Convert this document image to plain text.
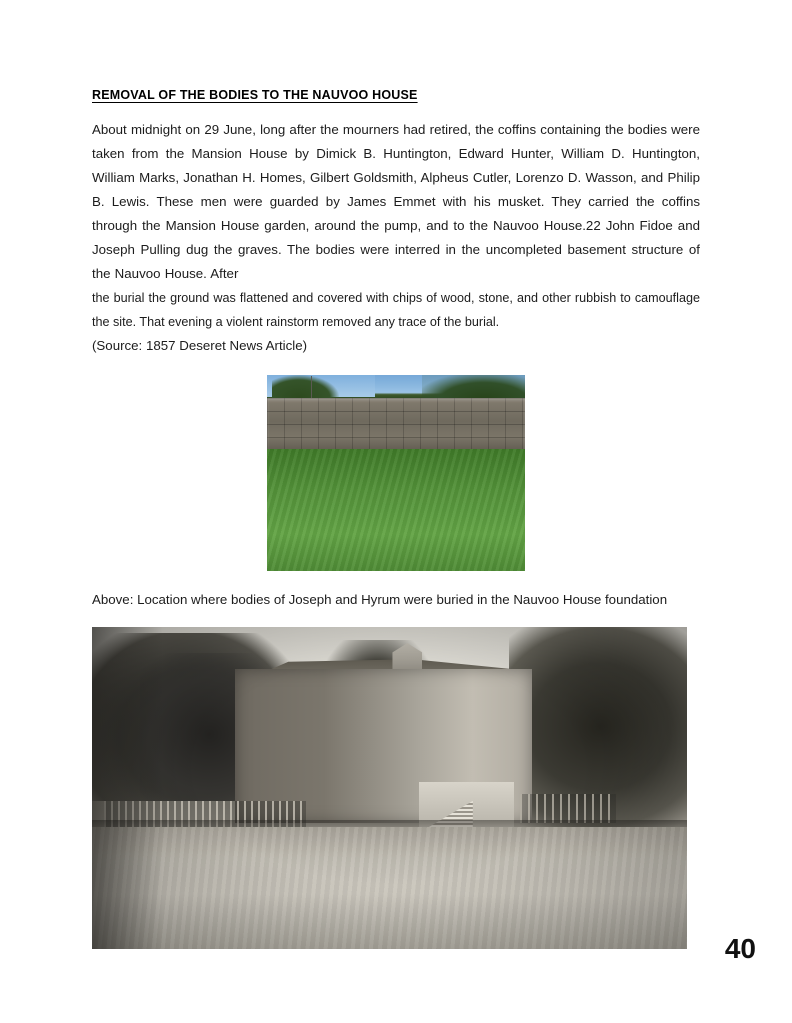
REMOVAL OF THE BODIES TO THE NAUVOO HOUSE

About midnight on 29 June, long after the mourners had retired, the coffins containing the bodies were taken from the Mansion House by Dimick B. Huntington, Edward Hunter, William D. Huntington, William Marks, Jonathan H. Homes, Gilbert Goldsmith, Alpheus Cutler, Lorenzo D. Wasson, and Philip B. Lewis. These men were guarded by James Emmet with his musket. They carried the coffins through the Mansion House garden, around the pump, and to the Nauvoo House.22 John Fidoe and Joseph Pulling dug the graves. The bodies were interred in the uncompleted basement structure of the Nauvoo House. After

the burial the ground was flattened and covered with chips of wood, stone, and other rubbish to camouflage the site. That evening a violent rainstorm removed any trace of the burial.

(Source: 1857 Deseret News Article)

Above: Location where bodies of Joseph and Hyrum were buried in the Nauvoo House foundation

40
